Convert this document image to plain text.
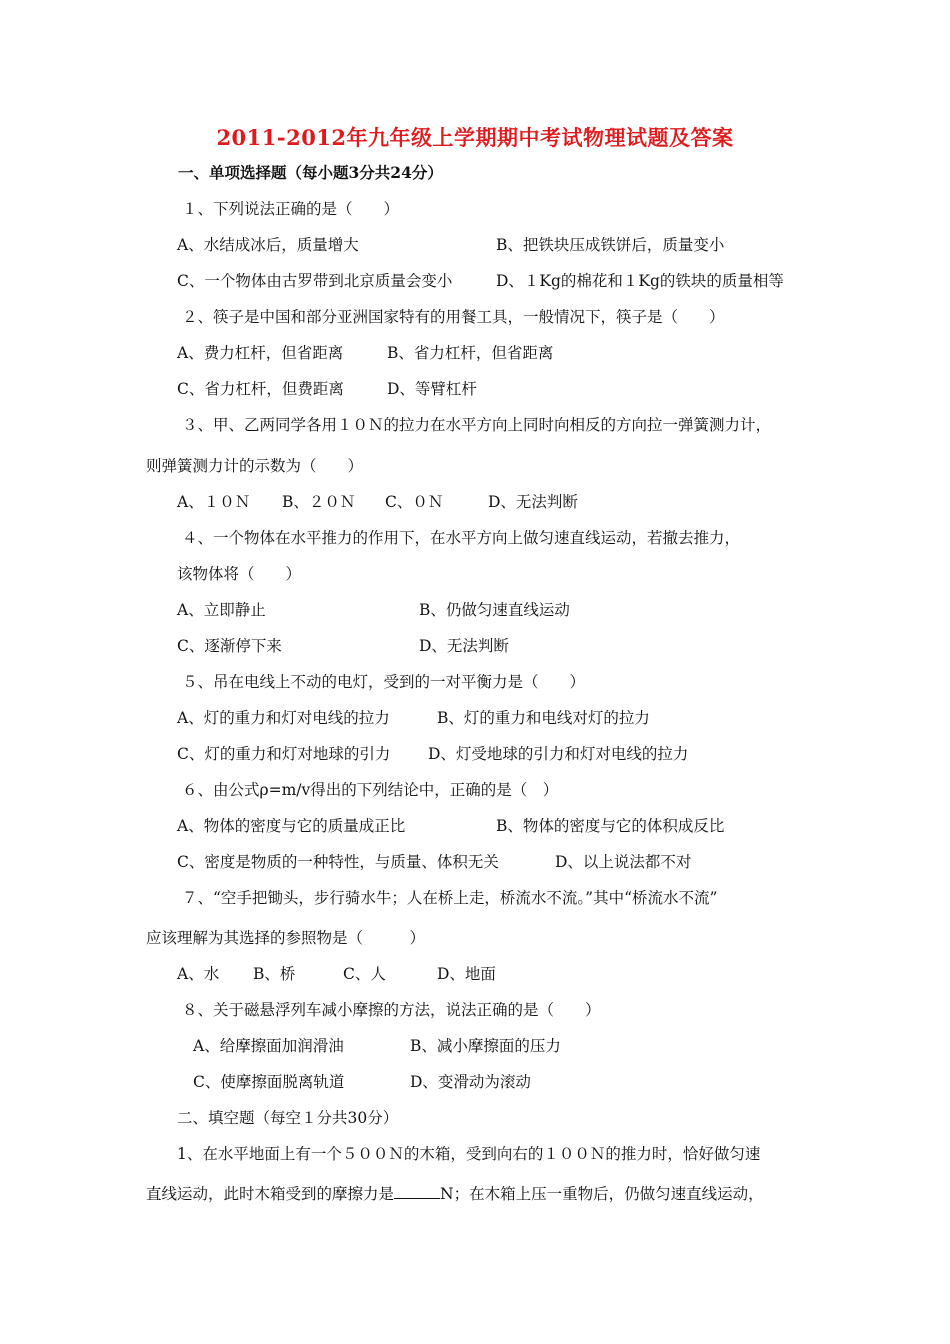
2011-2012年九年级上学期期中考试物理试题及答案
一、单项选择题（每小题3分共24分）
１、下列说法正确的是（　　）
A、水结成冰后，质量增大	B、把铁块压成铁饼后，质量变小
C、一个物体由古罗带到北京质量会变小	D、１Kg的棉花和１Kg的铁块的质量相等
２、筷子是中国和部分亚洲国家特有的用餐工具，一般情况下，筷子是（　　）
A、费力杠杆，但省距离	B、省力杠杆，但省距离
C、省力杠杆，但费距离	D、等臂杠杆
３、甲、乙两同学各用１０Ｎ的拉力在水平方向上同时向相反的方向拉一弹簧测力计，
则弹簧测力计的示数为（　　）
A、１０Ｎ B、２０Ｎ C、０Ｎ	D、无法判断
４、一个物体在水平推力的作用下，在水平方向上做匀速直线运动，若撤去推力，
该物体将（　　）
A、立即静止	B、仍做匀速直线运动
C、逐渐停下来	D、无法判断
５、吊在电线上不动的电灯，受到的一对平衡力是（　　）
A、灯的重力和灯对电线的拉力	B、灯的重力和电线对灯的拉力
C、灯的重力和灯对地球的引力 D、灯受地球的引力和灯对电线的拉力
６、由公式ρ=m/v得出的下列结论中，正确的是（　）
A、物体的密度与它的质量成正比	B、物体的密度与它的体积成反比
C、密度是物质的一种特性，与质量、体积无关	D、以上说法都不对
７、“空手把锄头，步行骑水牛；人在桥上走，桥流水不流。”其中“桥流水不流”
应该理解为其选择的参照物是（　　　）
A、水 B、桥	C、人	D、地面
８、关于磁悬浮列车减小摩擦的方法，说法正确的是（　　）
A、给摩擦面加润滑油	B、减小摩擦面的压力
C、使摩擦面脱离轨道	D、变滑动为滚动
二、填空题（每空１分共30分）
1、在水平地面上有一个５００Ｎ的木箱，受到向右的１００Ｎ的推力时，恰好做匀速
直线运动，此时木箱受到的摩擦力是	N；在木箱上压一重物后，仍做匀速直线运动，
